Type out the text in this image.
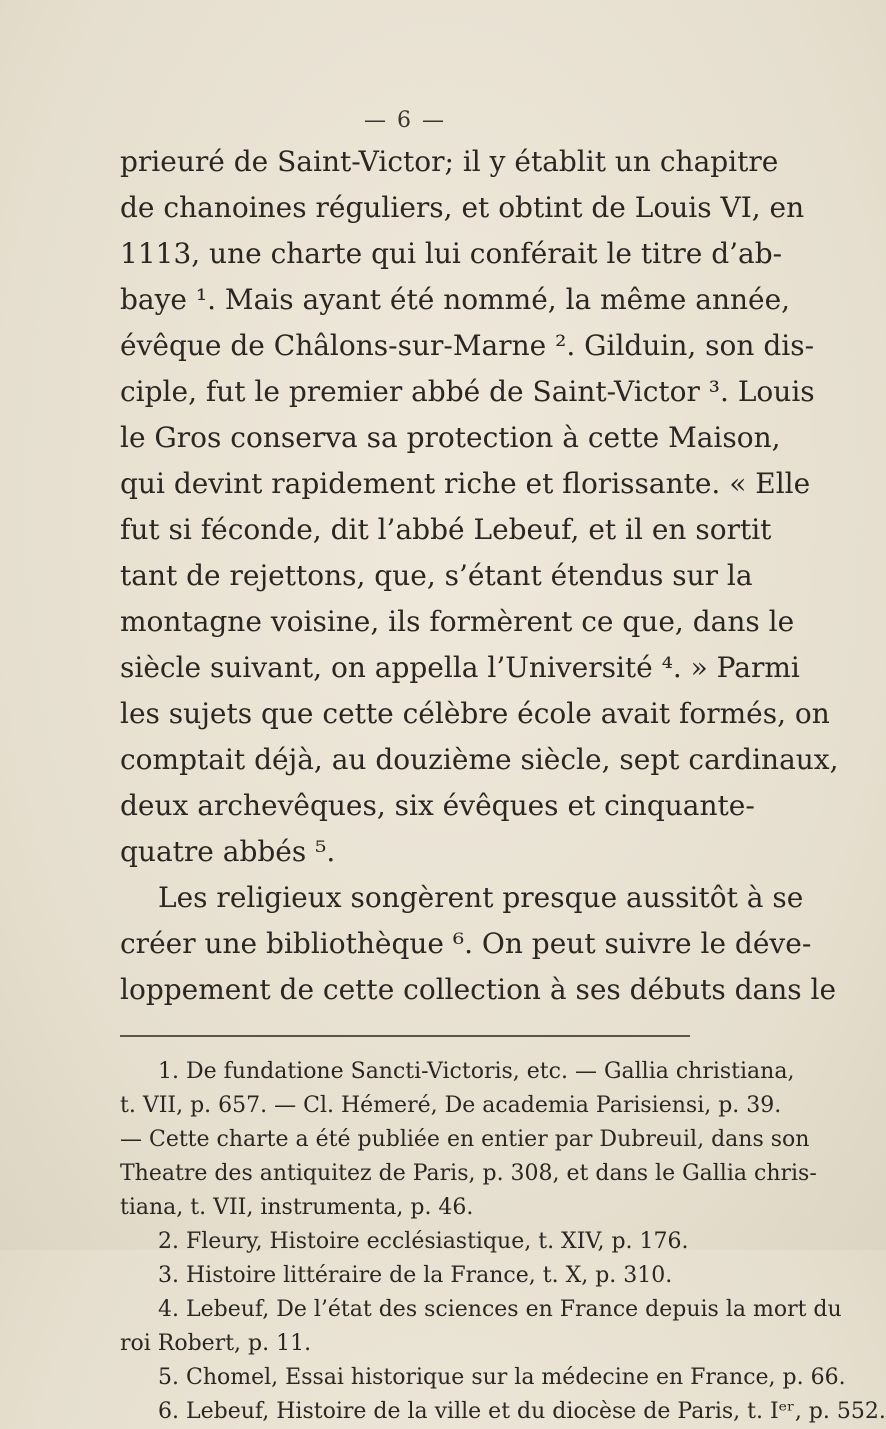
— 6 —
prieuré de Saint-Victor; il y établit un chapitre
de chanoines réguliers, et obtint de Louis VI, en
1113, une charte qui lui conférait le titre d’ab-
baye ¹. Mais ayant été nommé, la même année,
évêque de Châlons-sur-Marne ². Gilduin, son dis-
ciple, fut le premier abbé de Saint-Victor ³. Louis
le Gros conserva sa protection à cette Maison,
qui devint rapidement riche et florissante. « Elle
fut si féconde, dit l’abbé Lebeuf, et il en sortit
tant de rejettons, que, s’étant étendus sur la
montagne voisine, ils formèrent ce que, dans le
siècle suivant, on appella l’Université ⁴. » Parmi
les sujets que cette célèbre école avait formés, on
comptait déjà, au douzième siècle, sept cardinaux,
deux archevêques, six évêques et cinquante-
quatre abbés ⁵.
Les religieux songèrent presque aussitôt à se
créer une bibliothèque ⁶. On peut suivre le déve-
loppement de cette collection à ses débuts dans le
1. De fundatione Sancti-Victoris, etc. — Gallia christiana,
t. VII, p. 657. — Cl. Hémeré, De academia Parisiensi, p. 39.
— Cette charte a été publiée en entier par Dubreuil, dans son
Theatre des antiquitez de Paris, p. 308, et dans le Gallia chris-
tiana, t. VII, instrumenta, p. 46.
2. Fleury, Histoire ecclésiastique, t. XIV, p. 176.
3. Histoire littéraire de la France, t. X, p. 310.
4. Lebeuf, De l’état des sciences en France depuis la mort du
roi Robert, p. 11.
5. Chomel, Essai historique sur la médecine en France, p. 66.
6. Lebeuf, Histoire de la ville et du diocèse de Paris, t. Iᵉʳ, p. 552.
